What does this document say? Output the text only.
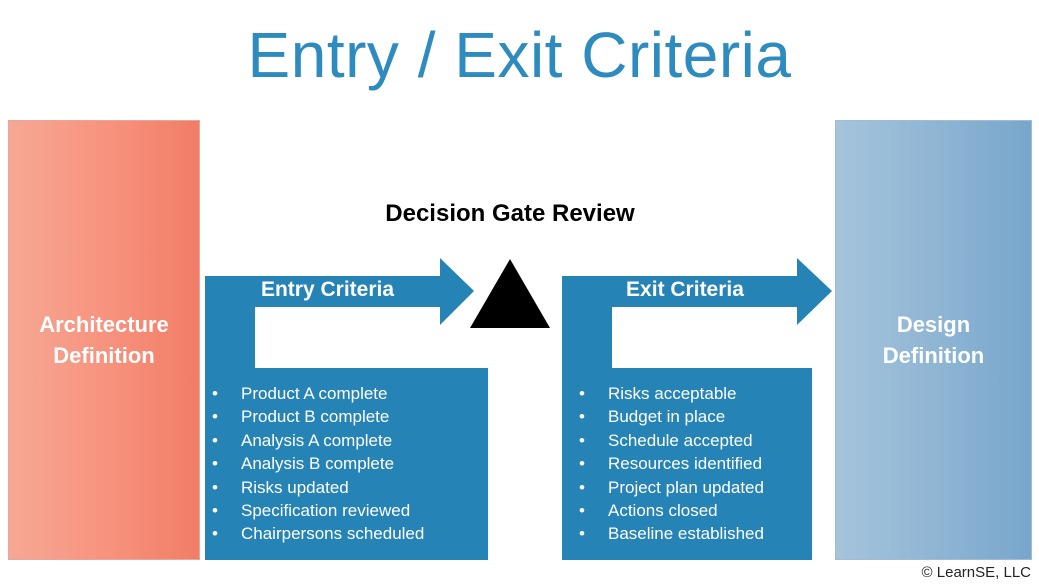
Entry / Exit Criteria
Architecture
Definition
Design
Definition
Decision Gate Review
Entry Criteria	Exit Criteria
• Product A complete
• Product B complete
• Analysis A complete
• Analysis B complete
• Risks updated
• Specification reviewed
• Chairpersons scheduled
• Risks acceptable
• Budget in place
• Schedule accepted
• Resources identified
• Project plan updated
• Actions closed
• Baseline established
© LearnSE, LLC
